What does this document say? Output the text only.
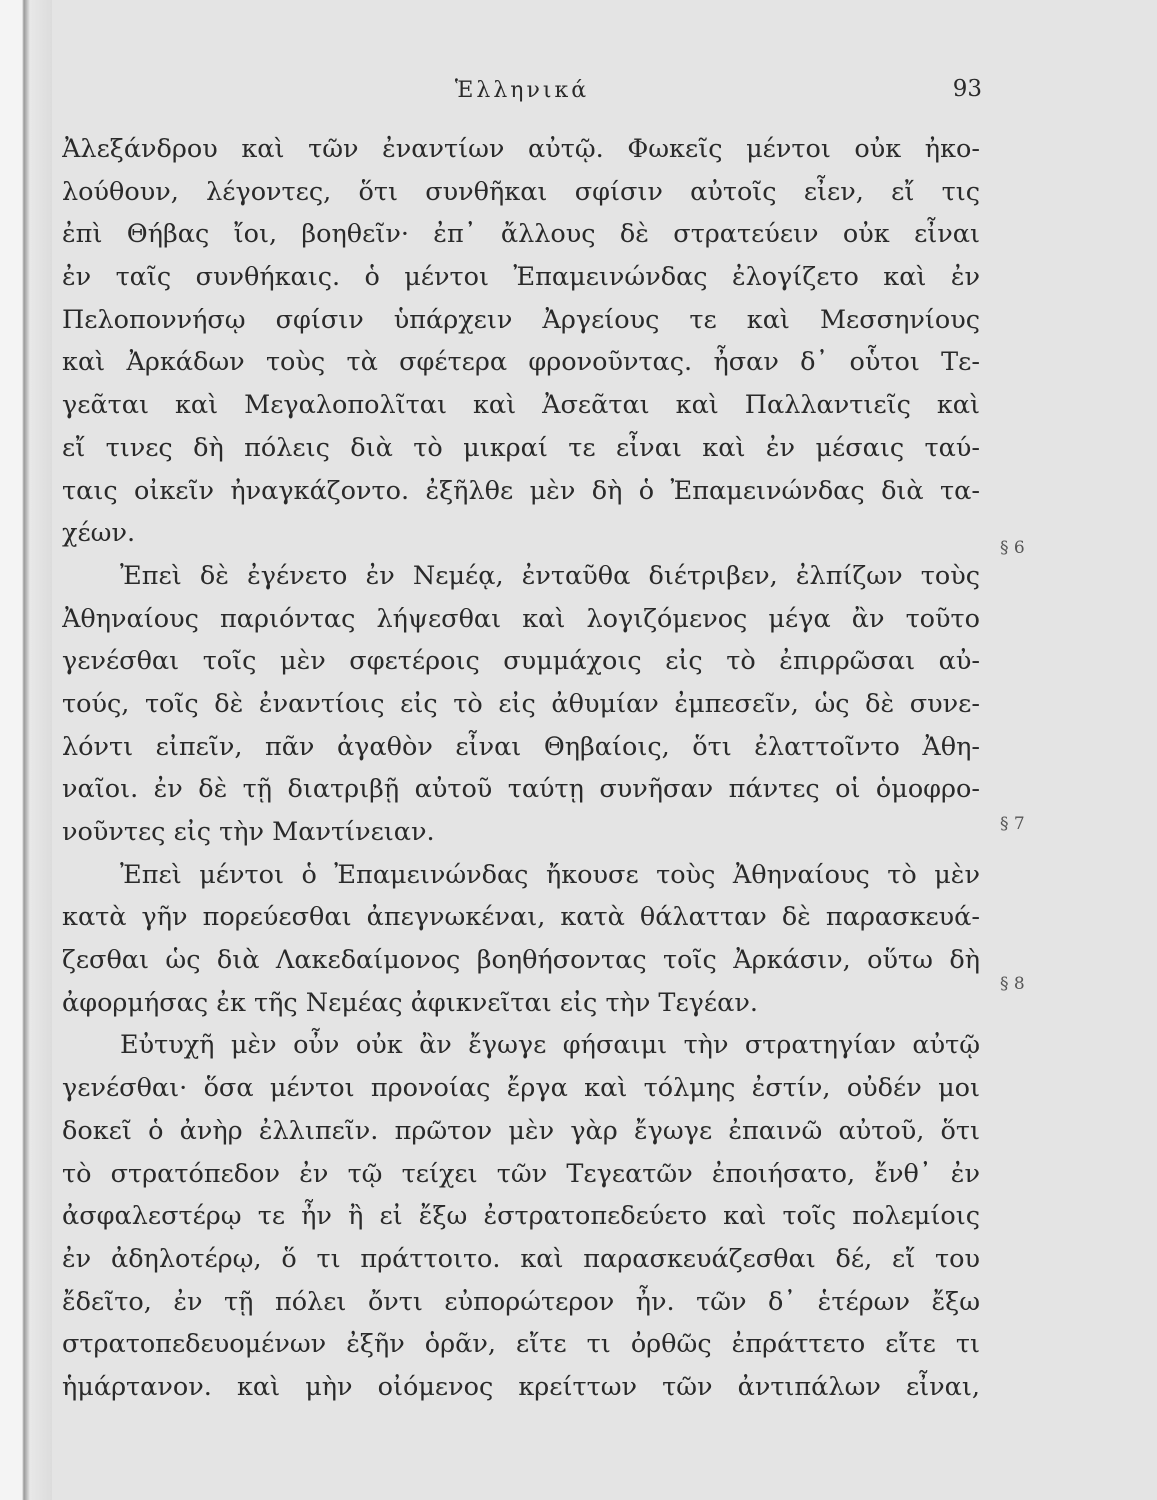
Ἑλληνικά	93
Ἀλεξάνδρου καὶ τῶν ἐναντίων αὐτῷ. Φωκεῖς μέντοι οὐκ ἠκο-
λούθουν, λέγοντες, ὅτι συνθῆκαι σφίσιν αὐτοῖς εἶεν, εἴ τις
ἐπὶ Θήβας ἴοι, βοηθεῖν· ἐπ᾽ ἄλλους δὲ στρατεύειν οὐκ εἶναι
ἐν ταῖς συνθήκαις. ὁ μέντοι Ἐπαμεινώνδας ἐλογίζετο καὶ ἐν
Πελοποννήσῳ σφίσιν ὑπάρχειν Ἀργείους τε καὶ Μεσσηνίους
καὶ Ἀρκάδων τοὺς τὰ σφέτερα φρονοῦντας. ἦσαν δ᾽ οὗτοι Τε-
γεᾶται καὶ Μεγαλοπολῖται καὶ Ἀσεᾶται καὶ Παλλαντιεῖς καὶ
εἴ τινες δὴ πόλεις διὰ τὸ μικραί τε εἶναι καὶ ἐν μέσαις ταύ-
ταις οἰκεῖν ἠναγκάζοντο. ἐξῆλθε μὲν δὴ ὁ Ἐπαμεινώνδας διὰ τα-
χέων.
Ἐπεὶ δὲ ἐγένετο ἐν Νεμέᾳ, ἐνταῦθα διέτριβεν, ἐλπίζων τοὺς
Ἀθηναίους παριόντας λήψεσθαι καὶ λογιζόμενος μέγα ἂν τοῦτο
γενέσθαι τοῖς μὲν σφετέροις συμμάχοις εἰς τὸ ἐπιρρῶσαι αὐ-
τούς, τοῖς δὲ ἐναντίοις εἰς τὸ εἰς ἀθυμίαν ἐμπεσεῖν, ὡς δὲ συνε-
λόντι εἰπεῖν, πᾶν ἀγαθὸν εἶναι Θηβαίοις, ὅτι ἐλαττοῖντο Ἀθη-
ναῖοι. ἐν δὲ τῇ διατριβῇ αὐτοῦ ταύτῃ συνῆσαν πάντες οἱ ὁμοφρο-
νοῦντες εἰς τὴν Μαντίνειαν.
Ἐπεὶ μέντοι ὁ Ἐπαμεινώνδας ἤκουσε τοὺς Ἀθηναίους τὸ μὲν
κατὰ γῆν πορεύεσθαι ἀπεγνωκέναι, κατὰ θάλατταν δὲ παρασκευά-
ζεσθαι ὡς διὰ Λακεδαίμονος βοηθήσοντας τοῖς Ἀρκάσιν, οὕτω δὴ
ἀφορμήσας ἐκ τῆς Νεμέας ἀφικνεῖται εἰς τὴν Τεγέαν.
Εὐτυχῆ μὲν οὖν οὐκ ἂν ἔγωγε φήσαιμι τὴν στρατηγίαν αὐτῷ
γενέσθαι· ὅσα μέντοι προνοίας ἔργα καὶ τόλμης ἐστίν, οὐδέν μοι
δοκεῖ ὁ ἀνὴρ ἐλλιπεῖν. πρῶτον μὲν γὰρ ἔγωγε ἐπαινῶ αὐτοῦ, ὅτι
τὸ στρατόπεδον ἐν τῷ τείχει τῶν Τεγεατῶν ἐποιήσατο, ἔνθ᾽ ἐν
ἀσφαλεστέρῳ τε ἦν ἢ εἰ ἔξω ἐστρατοπεδεύετο καὶ τοῖς πολεμίοις
ἐν ἀδηλοτέρῳ, ὅ τι πράττοιτο. καὶ παρασκευάζεσθαι δέ, εἴ του
ἔδεῖτο, ἐν τῇ πόλει ὄντι εὐπορώτερον ἦν. τῶν δ᾽ ἑτέρων ἔξω
στρατοπεδευομένων ἐξῆν ὁρᾶν, εἴτε τι ὀρθῶς ἐπράττετο εἴτε τι
ἡμάρτανον. καὶ μὴν οἰόμενος κρείττων τῶν ἀντιπάλων εἶναι,
§ 6
§ 7
§ 8
